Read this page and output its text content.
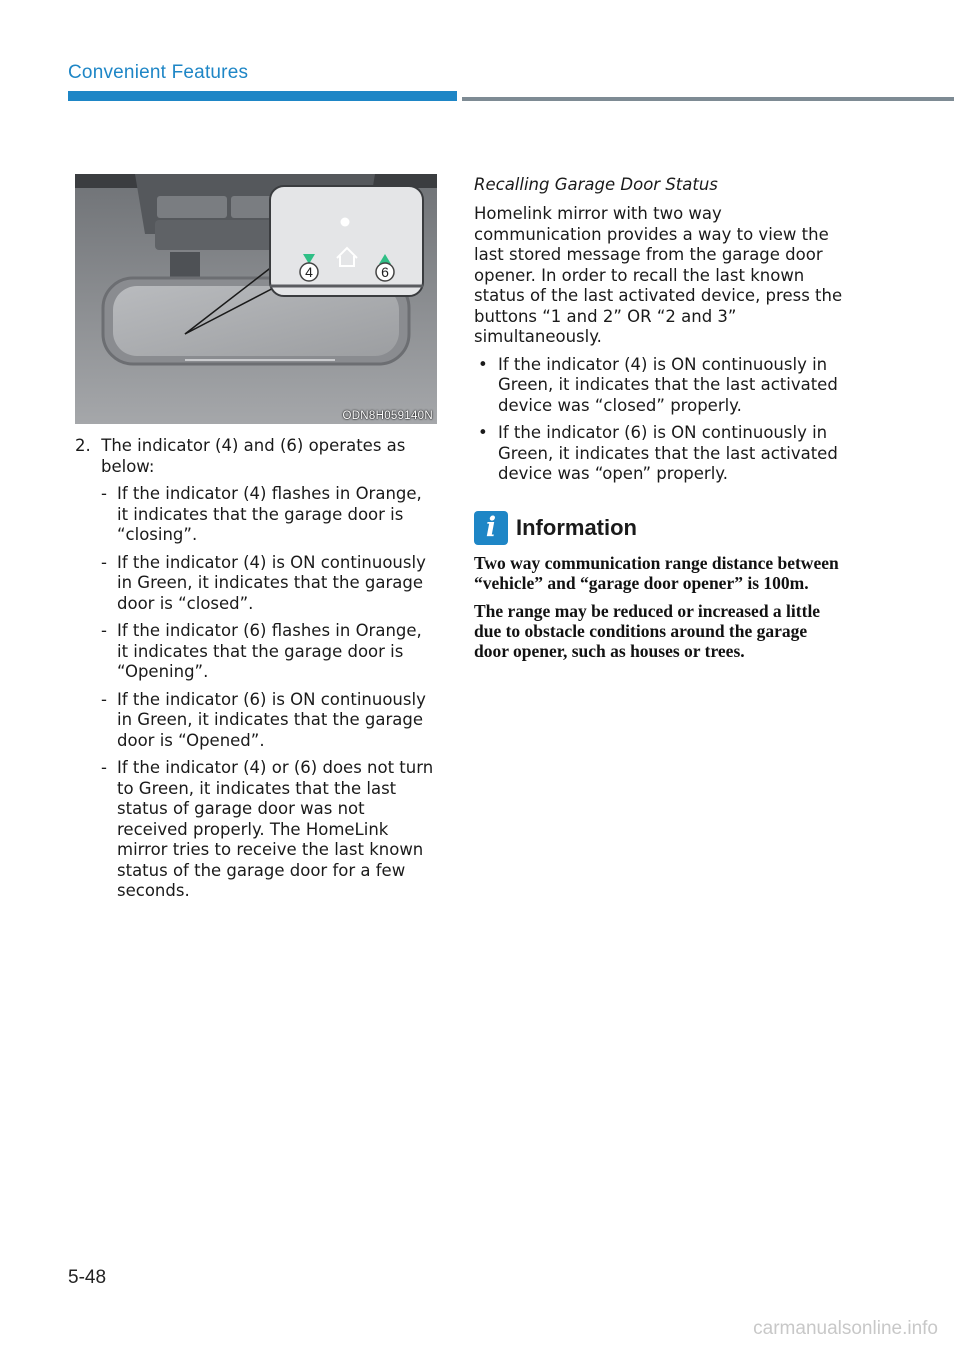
Convenient Features
4	6
ODN8H059140N
2. The indicator (4) and (6) operates as below:
- If the indicator (4) flashes in Orange, it indicates that the garage door is “closing”.
- If the indicator (4) is ON continuously in Green, it indicates that the garage door is “closed”.
- If the indicator (6) flashes in Orange, it indicates that the garage door is “Opening”.
- If the indicator (6) is ON continuously in Green, it indicates that the garage door is “Opened”.
- If the indicator (4) or (6) does not turn to Green, it indicates that the last status of garage door was not received properly. The HomeLink mirror tries to receive the last known status of the garage door for a few seconds.
Recalling Garage Door Status
Homelink mirror with two way communication provides a way to view the last stored message from the garage door opener. In order to recall the last known status of the last activated device, press the buttons “1 and 2” OR “2 and 3” simultaneously.
• If the indicator (4) is ON continuously in Green, it indicates that the last activated device was “closed” properly.
• If the indicator (6) is ON continuously in Green, it indicates that the last activated device was “open” properly.
i Information
Two way communication range distance between “vehicle” and “garage door opener” is 100m.
The range may be reduced or increased a little due to obstacle conditions around the garage door opener, such as houses or trees.
5-48
carmanualsonline.info
